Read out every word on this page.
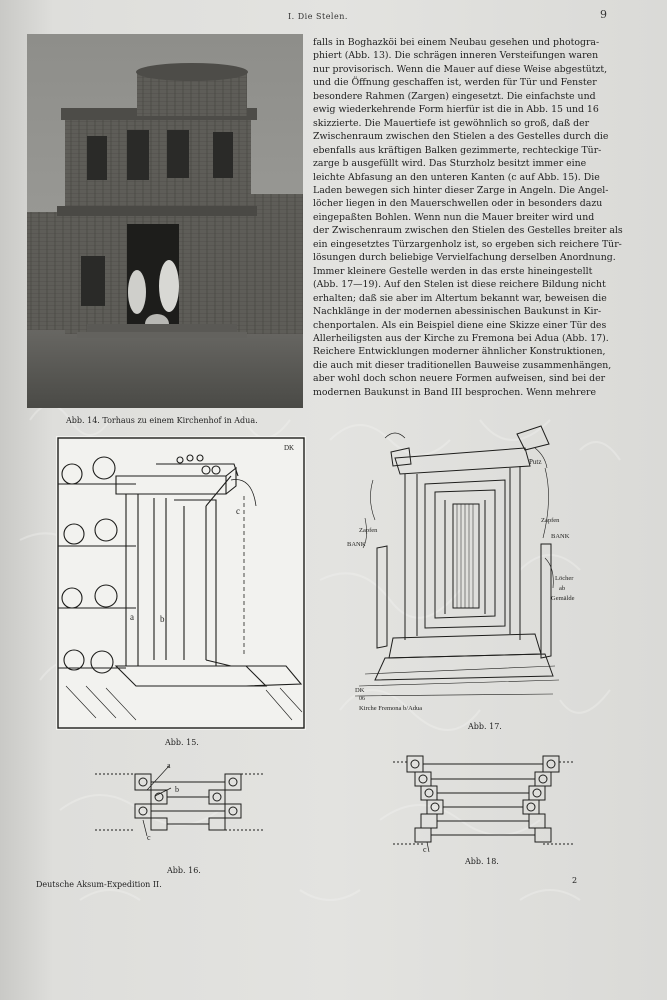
I. Die Stelen.	9
Abb. 14. Torhaus zu einem Kirchenhof in Adua.
falls in Boghazköi bei einem Neubau gesehen und photogra-
phiert (Abb. 13). Die schrägen inneren Versteifungen waren
nur provisorisch. Wenn die Mauer auf diese Weise abgestützt,
und die Öffnung geschaffen ist, werden für Tür und Fenster
besondere Rahmen (Zargen) eingesetzt. Die einfachste und
ewig wiederkehrende Form hierfür ist die in Abb. 15 und 16
skizzierte. Die Mauertiefe ist gewöhnlich so groß, daß der
Zwischenraum zwischen den Stielen a des Gestelles durch die
ebenfalls aus kräftigen Balken gezimmerte, rechteckige Tür-
zarge b ausgefüllt wird. Das Sturzholz besitzt immer eine
leichte Abfasung an den unteren Kanten (c auf Abb. 15). Die
Laden bewegen sich hinter dieser Zarge in Angeln. Die Angel-
löcher liegen in den Mauerschwellen oder in besonders dazu
eingepaßten Bohlen. Wenn nun die Mauer breiter wird und
der Zwischenraum zwischen den Stielen des Gestelles breiter als
ein eingesetztes Türzargenholz ist, so ergeben sich reichere Tür-
lösungen durch beliebige Vervielfachung derselben Anordnung.
Immer kleinere Gestelle werden in das erste hineingestellt
(Abb. 17—19). Auf den Stelen ist diese reichere Bildung nicht
erhalten; daß sie aber im Altertum bekannt war, beweisen die
Nachklänge in der modernen abessinischen Baukunst in Kir-
chenportalen. Als ein Beispiel diene eine Skizze einer Tür des
Allerheiligsten aus der Kirche zu Fremona bei Adua (Abb. 17).
Reichere Entwicklungen moderner ähnlicher Konstruktionen,
die auch mit dieser traditionellen Bauweise zusammenhängen,
aber wohl doch schon neuere Formen aufweisen, sind bei der
modernen Baukunst in Band III besprochen. Wenn mehrere
a	b
c
DK
Abb. 15.
Putz
Zapfen
BANK
Zapfen
BANK
Löcher
ab
Gemälde
DK
06
Kirche Fremona b/Adua
Abb. 17.
a
b
c
Abb. 16.
c
Abb. 18.
Deutsche Aksum-Expedition II.	2
